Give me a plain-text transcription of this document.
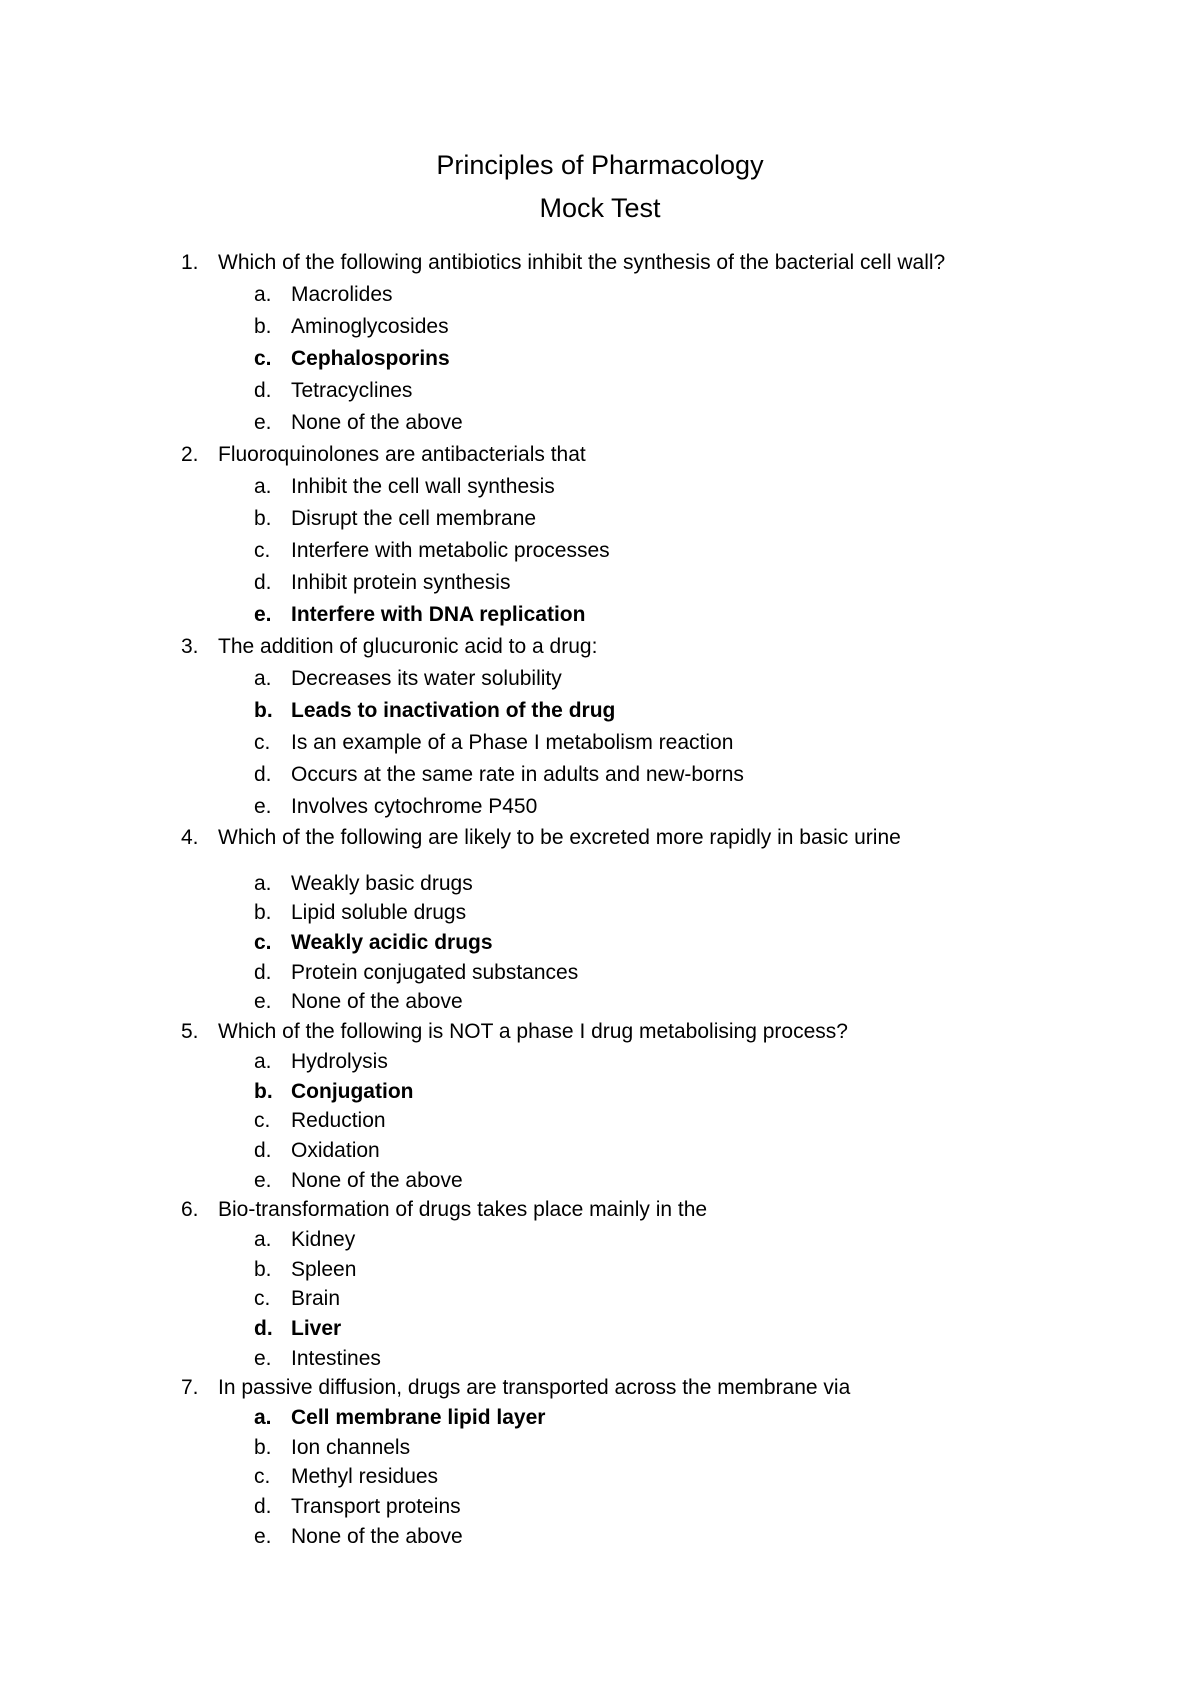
Principles of Pharmacology
Mock Test
1. Which of the following antibiotics inhibit the synthesis of the bacterial cell wall?
a. Macrolides
b. Aminoglycosides
c. Cephalosporins
d. Tetracyclines
e. None of the above
2. Fluoroquinolones are antibacterials that
a. Inhibit the cell wall synthesis
b. Disrupt the cell membrane
c. Interfere with metabolic processes
d. Inhibit protein synthesis
e. Interfere with DNA replication
3. The addition of glucuronic acid to a drug:
a. Decreases its water solubility
b. Leads to inactivation of the drug
c. Is an example of a Phase I metabolism reaction
d. Occurs at the same rate in adults and new-borns
e. Involves cytochrome P450
4. Which of the following are likely to be excreted more rapidly in basic urine
a. Weakly basic drugs
b. Lipid soluble drugs
c. Weakly acidic drugs
d. Protein conjugated substances
e. None of the above
5. Which of the following is NOT a phase I drug metabolising process?
a. Hydrolysis
b. Conjugation
c. Reduction
d. Oxidation
e. None of the above
6. Bio-transformation of drugs takes place mainly in the
a. Kidney
b. Spleen
c. Brain
d. Liver
e. Intestines
7. In passive diffusion, drugs are transported across the membrane via
a. Cell membrane lipid layer
b. Ion channels
c. Methyl residues
d. Transport proteins
e. None of the above
